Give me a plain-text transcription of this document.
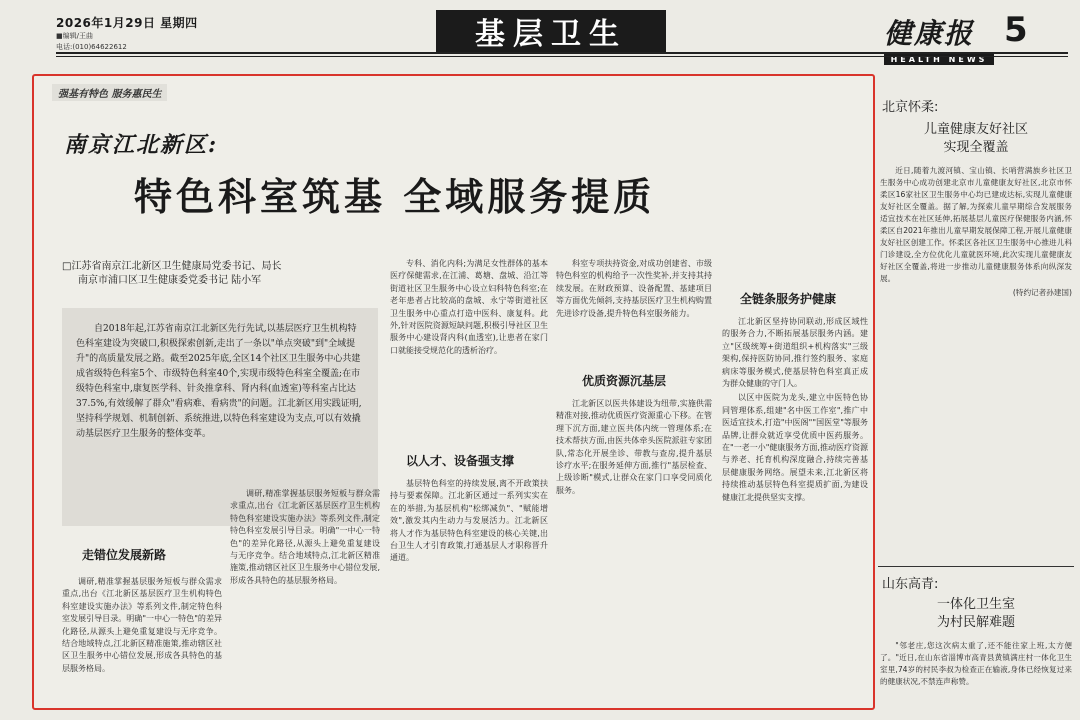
2026年1月29日 星期四
■编辑/王曲
电话:(010)64622612	基层卫生	健康报
HEALTH NEWS
5
强基有特色 服务惠民生
南京江北新区:
特色科室筑基 全域服务提质
□江苏省南京江北新区卫生健康局党委书记、局长
南京市浦口区卫生健康委党委书记 陆小军
自2018年起,江苏省南京江北新区先行先试,以基层医疗卫生机构特色科室建设为突破口,积极探索创新,走出了一条以"单点突破"到"全域提升"的高质量发展之路。截至2025年底,全区14个社区卫生服务中心共建成省级特色科室5个、市级特色科室40个,实现市级特色科室全覆盖;在市级特色科室中,康复医学科、针灸推拿科、肾内科(血透室)等科室占比达37.5%,有效缓解了群众"看病难、看病贵"的问题。江北新区用实践证明,坚持科学规划、机制创新、系统推进,以特色科室建设为支点,可以有效撬动基层医疗卫生服务的整体变革。
走错位发展新路

调研,精准掌握基层服务短板与群众需求重点,出台《江北新区基层医疗卫生机构特色科室建设实施办法》等系列文件,制定特色科室发展引导目录。明确"一中心一特色"的差异化路径,从源头上避免重复建设与无序竞争。结合地域特点,江北新区精准施策,推动辖区社区卫生服务中心错位发展,形成各具特色的基层服务格局。

调研,精准掌握基层服务短板与群众需求重点,出台《江北新区基层医疗卫生机构特色科室建设实施办法》等系列文件,制定特色科室发展引导目录。明确"一中心一特色"的差异化路径,从源头上避免重复建设与无序竞争。结合地域特点,江北新区精准施策,推动辖区社区卫生服务中心错位发展,形成各具特色的基层服务格局。

专科、消化内科;为满足女性群体的基本医疗保健需求,在江浦、葛塘、盘城、沿江等街道社区卫生服务中心设立妇科特色科室;在老年患者占比较高的盘城、永宁等街道社区卫生服务中心重点打造中医科、康复科。此外,针对医院资源短缺问题,积极引导社区卫生服务中心建设肾内科(血透室),让患者在家门口就能接受规范化的透析治疗。

以人才、设备强支撑

基层特色科室的持续发展,离不开政策扶持与要素保障。江北新区通过一系列实实在在的举措,为基层机构"松绑减负"、"赋能增效",激发其内生动力与发展活力。江北新区将人才作为基层特色科室建设的核心关键,出台卫生人才引育政策,打通基层人才职称晋升通道。

科室专项扶持资金,对成功创建省、市级特色科室的机构给予一次性奖补,并支持其持续发展。在财政预算、设备配置、基建项目等方面优先倾斜,支持基层医疗卫生机构购置先进诊疗设备,提升特色科室服务能力。

优质资源沉基层

江北新区以医共体建设为纽带,实施供需精准对接,推动优质医疗资源重心下移。在管理下沉方面,建立医共体内统一管理体系;在技术帮扶方面,由医共体牵头医院派驻专家团队,常态化开展坐诊、带教与查房,提升基层诊疗水平;在服务延伸方面,推行"基层检查、上级诊断"模式,让群众在家门口享受同质化服务。

全链条服务护健康

江北新区坚持协同联动,形成区域性的服务合力,不断拓展基层服务内涵。建立"区级统筹+街道组织+机构落实"三级架构,保持医防协同,推行签约服务、家庭病床等服务模式,使基层特色科室真正成为群众健康的守门人。

以区中医院为龙头,建立中医特色协同管理体系,组建"名中医工作室",推广中医适宜技术,打造"中医阁""国医堂"等服务品牌,让群众就近享受优质中医药服务。在"一老一小"健康服务方面,推动医疗资源与养老、托育机构深度融合,持续完善基层健康服务网络。展望未来,江北新区将持续推动基层特色科室提质扩面,为建设健康江北提供坚实支撑。

北京怀柔:
儿童健康友好社区
实现全覆盖

近日,随着九渡河镇、宝山镇、长哨营满族乡社区卫生服务中心成功创建北京市儿童健康友好社区,北京市怀柔区16家社区卫生服务中心均已建成达标,实现儿童健康友好社区全覆盖。据了解,为探索儿童早期综合发展服务适宜技术在社区延伸,拓展基层儿童医疗保健服务内涵,怀柔区自2021年推出儿童早期发展保障工程,开展儿童健康友好社区创建工作。怀柔区各社区卫生服务中心推进儿科门诊建设,全方位优化儿童就医环境,此次实现儿童健康友好社区全覆盖,将进一步推动儿童健康服务体系向纵深发展。

(特约记者孙建国)
山东高青:
一体化卫生室
为村民解难题

"邻老庄,您这次病太重了,还不能往家上班,太方便了。"近日,在山东省淄博市高青县黄镇满庄村一体化卫生室里,74岁的村民李叔为检查正在输液,身体已经恢复过来的健康状况,不禁连声称赞。
